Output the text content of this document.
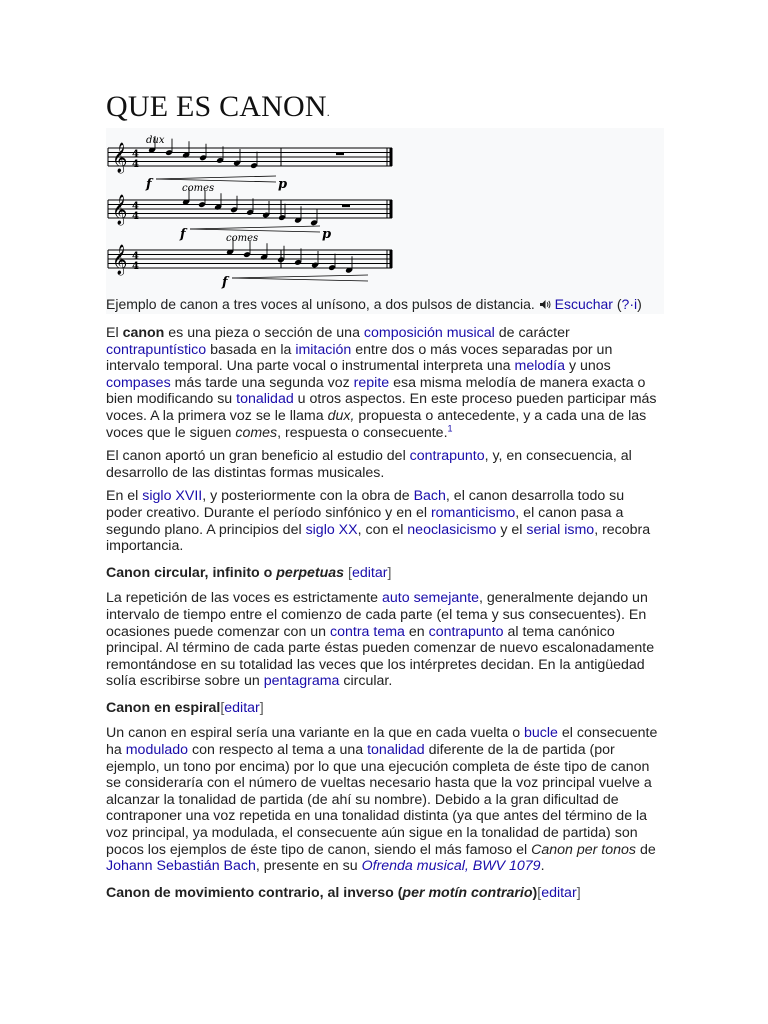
QUE ES CANON.
𝄞
𝄞
𝄞
dux
comes
comes
f	p
f	p
f
4
4
4
4
4
4
Ejemplo de canon a tres voces al unísono, a dos pulsos de distancia. Escuchar (?·i)

El canon es una pieza o sección de una composición musical de carácter contrapuntístico basada en la imitación entre dos o más voces separadas por un intervalo temporal. Una parte vocal o instrumental interpreta una melodía y unos compases más tarde una segunda voz repite esa misma melodía de manera exacta o bien modificando su tonalidad u otros aspectos. En este proceso pueden participar más voces. A la primera voz se le llama dux, propuesta o antecedente, y a cada una de las voces que le siguen comes, respuesta o consecuente.$^1$

El canon aportó un gran beneficio al estudio del contrapunto, y, en consecuencia, al desarrollo de las distintas formas musicales.

En el siglo XVII, y posteriormente con la obra de Bach, el canon desarrolla todo su poder creativo. Durante el período sinfónico y en el romanticismo, el canon pasa a segundo plano. A principios del siglo XX, con el neoclasicismo y el serial ismo, recobra importancia.

Canon circular, infinito o perpetuas [editar]

La repetición de las voces es estrictamente auto semejante, generalmente dejando un intervalo de tiempo entre el comienzo de cada parte (el tema y sus consecuentes). En ocasiones puede comenzar con un contra tema en contrapunto al tema canónico principal. Al término de cada parte éstas pueden comenzar de nuevo escalonadamente remontándose en su totalidad las veces que los intérpretes decidan. En la antigüedad solía escribirse sobre un pentagrama circular.

Canon en espiral[editar]

Un canon en espiral sería una variante en la que en cada vuelta o bucle el consecuente ha modulado con respecto al tema a una tonalidad diferente de la de partida (por ejemplo, un tono por encima) por lo que una ejecución completa de éste tipo de canon se consideraría con el número de vueltas necesario hasta que la voz principal vuelve a alcanzar la tonalidad de partida (de ahí su nombre). Debido a la gran dificultad de contraponer una voz repetida en una tonalidad distinta (ya que antes del término de la voz principal, ya modulada, el consecuente aún sigue en la tonalidad de partida) son pocos los ejemplos de éste tipo de canon, siendo el más famoso el Canon per tonos de Johann Sebastián Bach, presente en su Ofrenda musical, BWV 1079.

Canon de movimiento contrario, al inverso (per motín contrario)[editar]
